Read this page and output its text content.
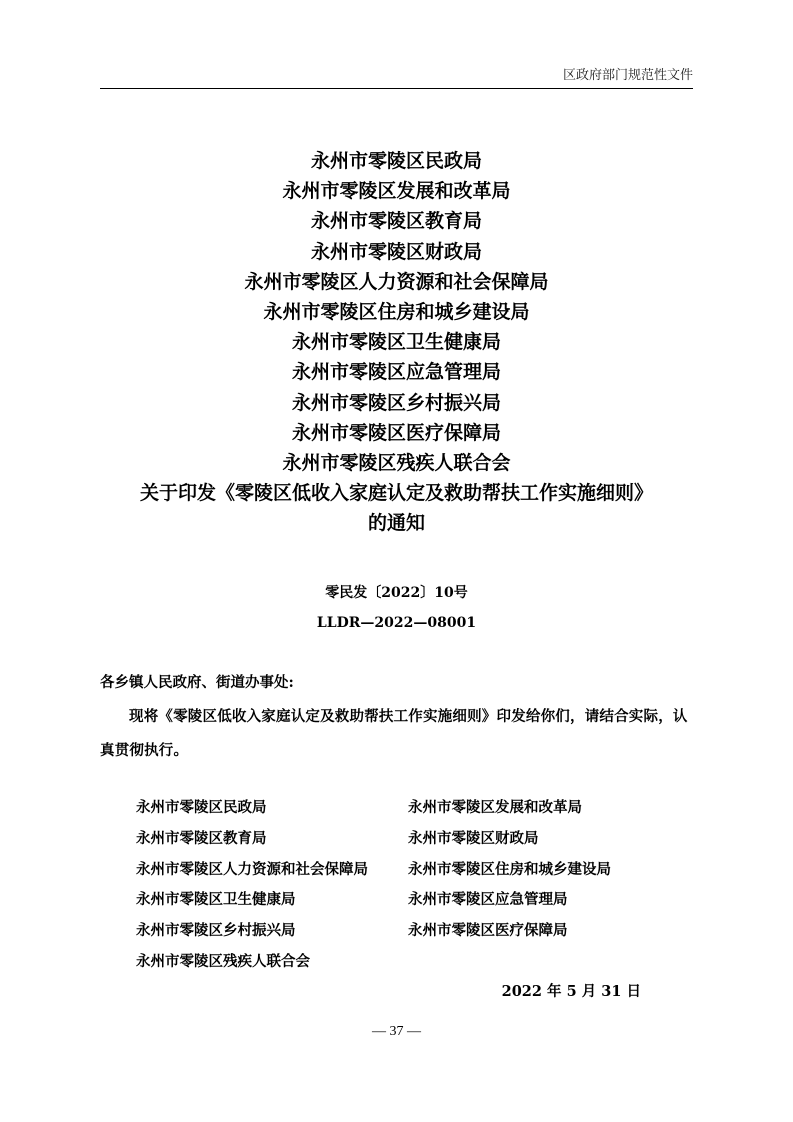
区政府部门规范性文件
永州市零陵区民政局
永州市零陵区发展和改革局
永州市零陵区教育局
永州市零陵区财政局
永州市零陵区人力资源和社会保障局
永州市零陵区住房和城乡建设局
永州市零陵区卫生健康局
永州市零陵区应急管理局
永州市零陵区乡村振兴局
永州市零陵区医疗保障局
永州市零陵区残疾人联合会
关于印发《零陵区低收入家庭认定及救助帮扶工作实施细则》
的通知
零民发〔2022〕10号
LLDR—2022—08001
各乡镇人民政府、街道办事处:
现将《零陵区低收入家庭认定及救助帮扶工作实施细则》印发给你们，请结合实际，认真贯彻执行。
永州市零陵区民政局	永州市零陵区发展和改革局
永州市零陵区教育局	永州市零陵区财政局
永州市零陵区人力资源和社会保障局	永州市零陵区住房和城乡建设局
永州市零陵区卫生健康局	永州市零陵区应急管理局
永州市零陵区乡村振兴局	永州市零陵区医疗保障局
永州市零陵区残疾人联合会
2022 年 5 月 31 日
— 37 —
